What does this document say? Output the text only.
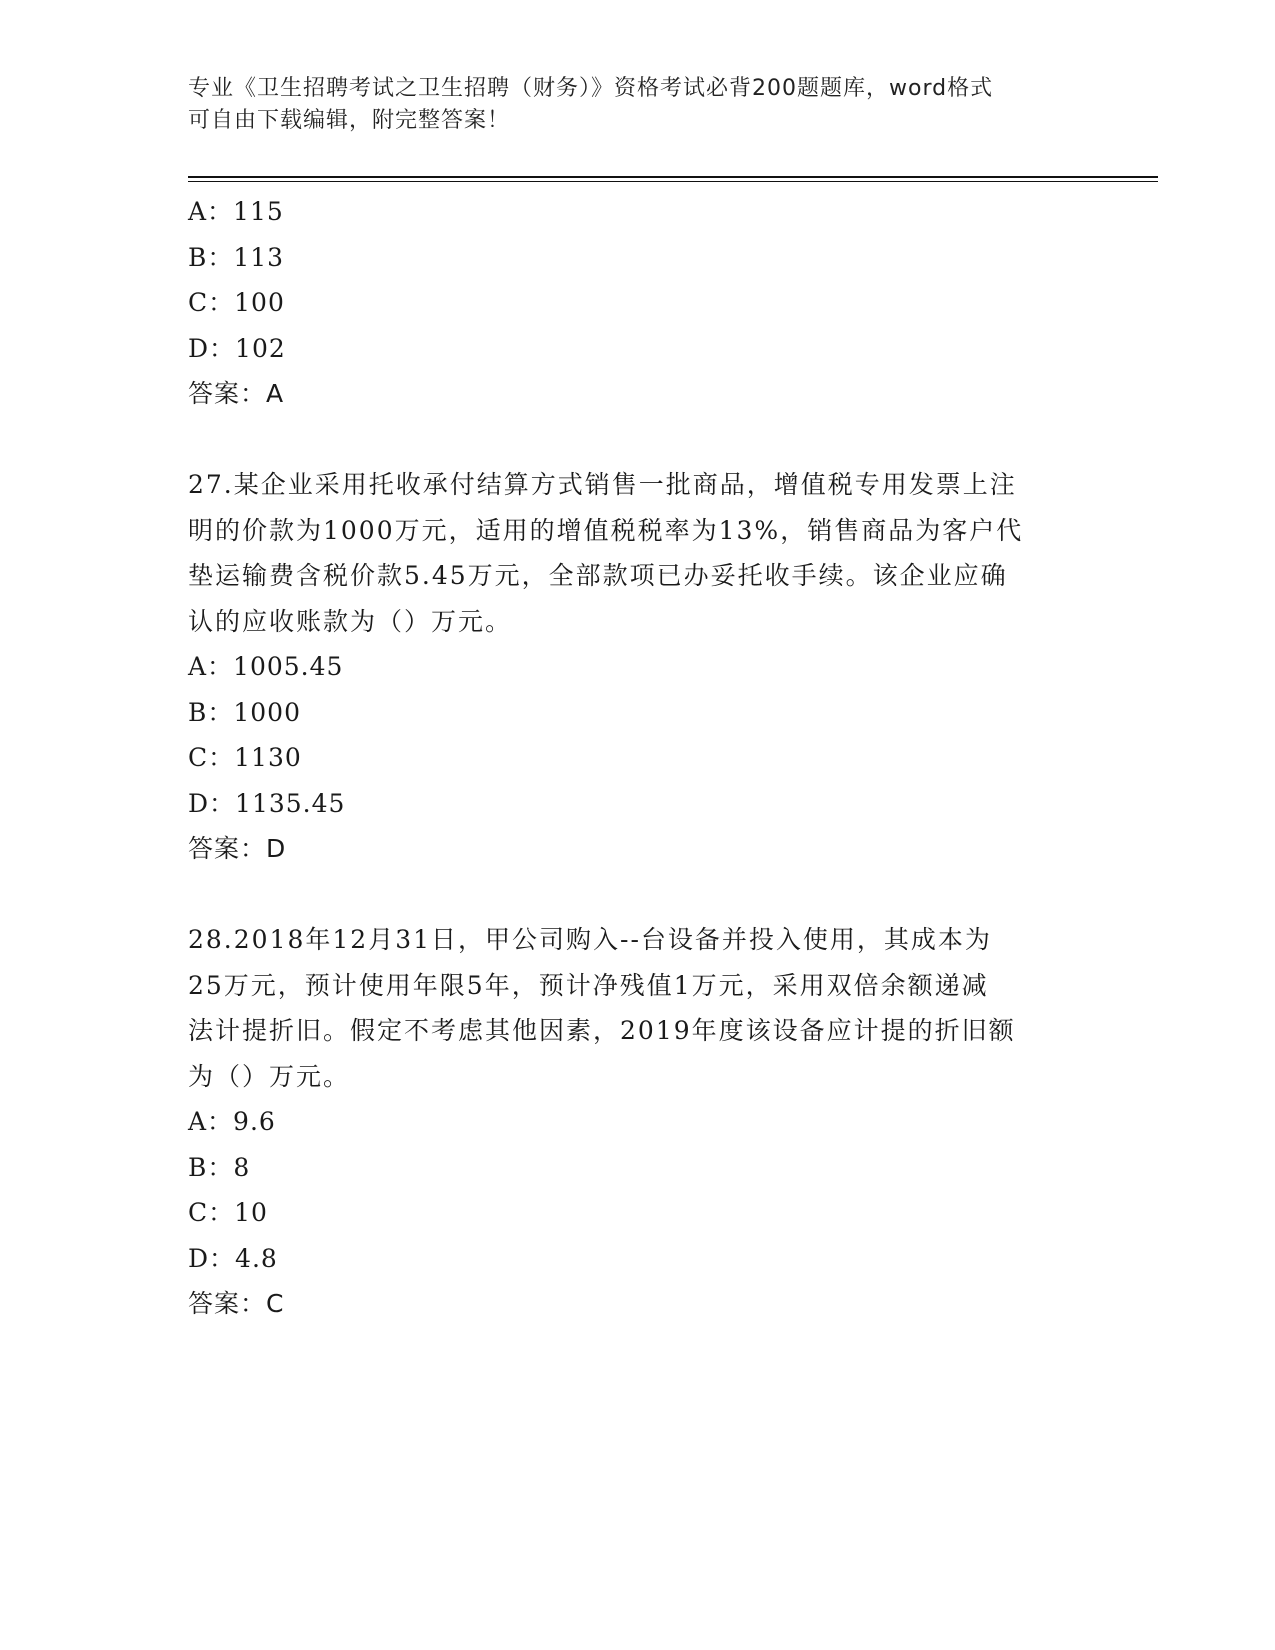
专业《卫生招聘考试之卫生招聘（财务）》资格考试必背200题题库，word格式
可自由下载编辑，附完整答案！
A：115
B：113
C：100
D：102
答案：A
27.某企业采用托收承付结算方式销售一批商品，增值税专用发票上注
明的价款为1000万元，适用的增值税税率为13%，销售商品为客户代
垫运输费含税价款5.45万元，全部款项已办妥托收手续。该企业应确
认的应收账款为（）万元。
A：1005.45
B：1000
C：1130
D：1135.45
答案：D
28.2018年12月31日，甲公司购入--台设备并投入使用，其成本为
25万元，预计使用年限5年，预计净残值1万元，采用双倍余额递减
法计提折旧。假定不考虑其他因素，2019年度该设备应计提的折旧额
为（）万元。
A：9.6
B：8
C：10
D：4.8
答案：C
